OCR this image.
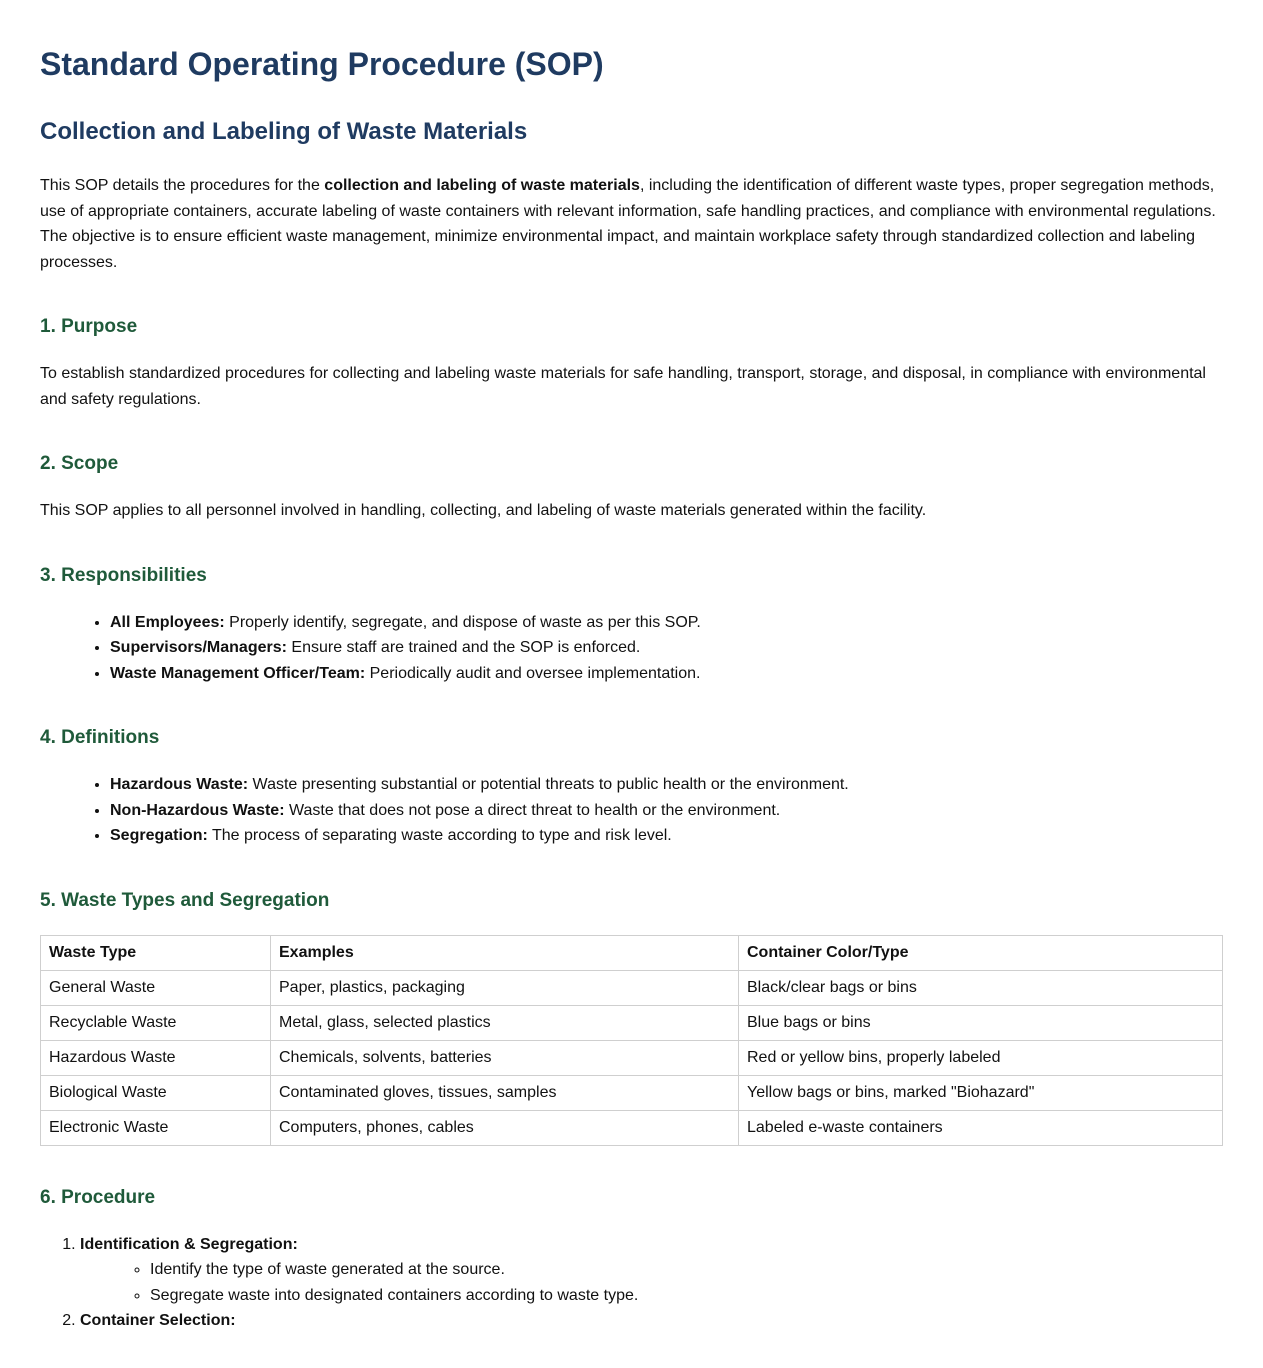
Standard Operating Procedure (SOP)
Collection and Labeling of Waste Materials

This SOP details the procedures for the collection and labeling of waste materials, including the identification of different waste types, proper segregation methods, use of appropriate containers, accurate labeling of waste containers with relevant information, safe handling practices, and compliance with environmental regulations. The objective is to ensure efficient waste management, minimize environmental impact, and maintain workplace safety through standardized collection and labeling processes.

1. Purpose

To establish standardized procedures for collecting and labeling waste materials for safe handling, transport, storage, and disposal, in compliance with environmental and safety regulations.

2. Scope

This SOP applies to all personnel involved in handling, collecting, and labeling of waste materials generated within the facility.

3. Responsibilities
• All Employees: Properly identify, segregate, and dispose of waste as per this SOP.
• Supervisors/Managers: Ensure staff are trained and the SOP is enforced.
• Waste Management Officer/Team: Periodically audit and oversee implementation.
4. Definitions
• Hazardous Waste: Waste presenting substantial or potential threats to public health or the environment.
• Non-Hazardous Waste: Waste that does not pose a direct threat to health or the environment.
• Segregation: The process of separating waste according to type and risk level.
5. Waste Types and Segregation
Waste Type	Examples	Container Color/Type
General Waste	Paper, plastics, packaging	Black/clear bags or bins
Recyclable Waste	Metal, glass, selected plastics	Blue bags or bins
Hazardous Waste	Chemicals, solvents, batteries	Red or yellow bins, properly labeled
Biological Waste	Contaminated gloves, tissues, samples	Yellow bags or bins, marked "Biohazard"
Electronic Waste	Computers, phones, cables	Labeled e-waste containers
6. Procedure
1. Identification & Segregation:
◦ Identify the type of waste generated at the source.
◦ Segregate waste into designated containers according to waste type.
2. Container Selection:
